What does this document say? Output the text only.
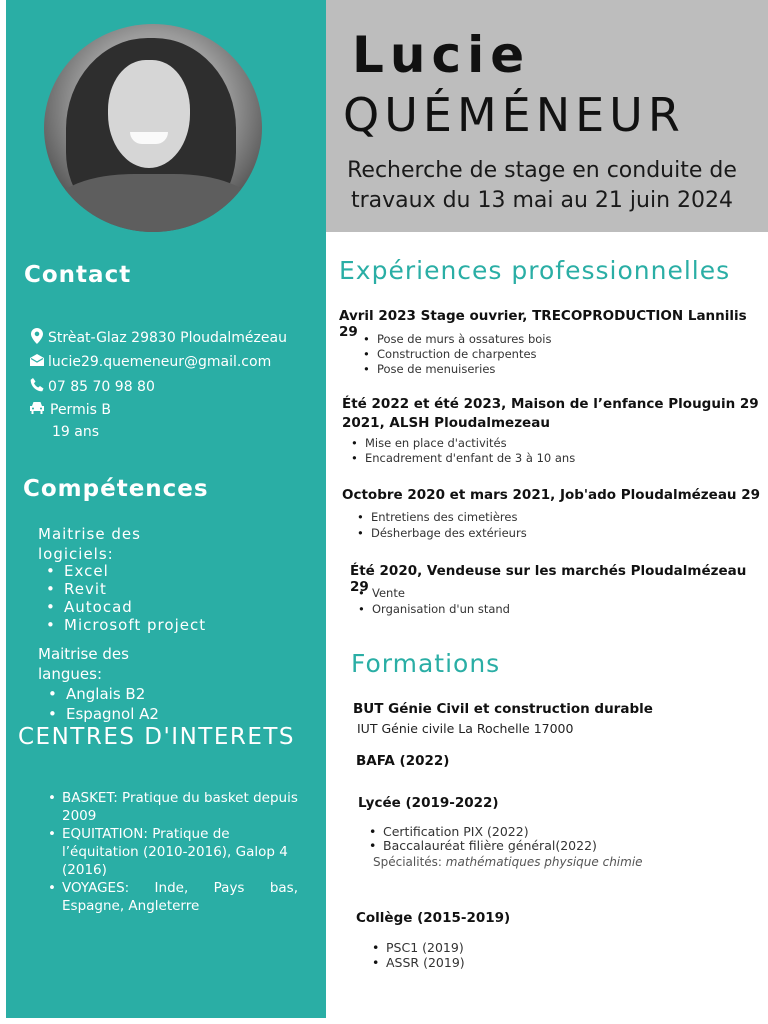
Lucie
QUÉMÉNEUR
Recherche de stage en conduite de
travaux du 13 mai au 21 juin 2024
Contact
Strèat-Glaz 29830 Ploudalmézeau
lucie29.quemeneur@gmail.com
07 85 70 98 80
Permis B
19 ans
Compétences
Maitrise des
logiciels:
• Excel
• Revit
• Autocad
• Microsoft project
Maitrise des
langues:
• Anglais B2
• Espagnol A2
CENTRES D'INTERETS
• BASKET: Pratique du basket depuis 2009
• EQUITATION: Pratique de l’équitation (2010-2016), Galop 4 (2016)
• VOYAGES: Inde, Pays bas, Espagne, Angleterre
Expériences professionnelles
Avril 2023 Stage ouvrier, TRECOPRODUCTION Lannilis 29	• Pose de murs à ossatures bois
• Construction de charpentes
• Pose de menuiseries
Été 2022 et été 2023, Maison de l’enfance Plouguin 29
2021, ALSH Ploudalmezeau
• Mise en place d'activités
• Encadrement d'enfant de 3 à 10 ans
Octobre 2020 et mars 2021, Job'ado Ploudalmézeau 29
• Entretiens des cimetières
• Désherbage des extérieurs
Été 2020, Vendeuse sur les marchés Ploudalmézeau 29 • Vente
• Organisation d'un stand
Formations
BUT Génie Civil et construction durable
IUT Génie civile La Rochelle 17000
BAFA (2022)
Lycée (2019-2022)
• Certification PIX (2022)
• Baccalauréat filière général(2022)
Spécialités: mathématiques physique chimie
Collège (2015-2019)
• PSC1 (2019)
• ASSR (2019)
